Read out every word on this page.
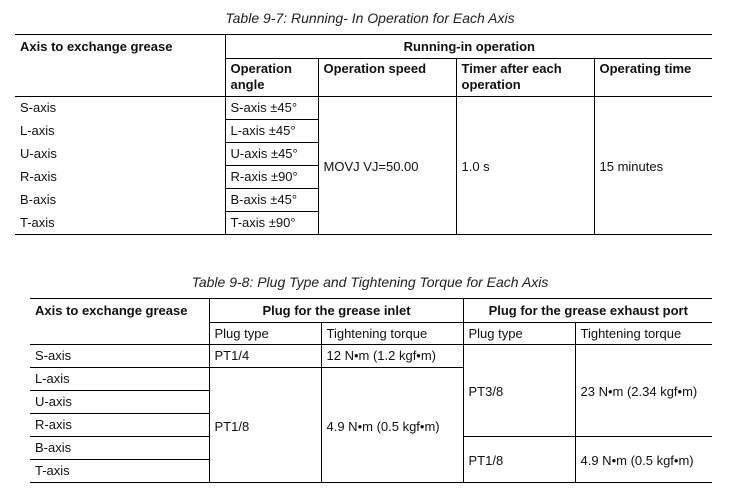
Table 9-7: Running- In Operation for Each Axis
Axis to exchange grease	Running-in operation			
	Operation angle	Operation speed	Timer after each operation	Operating time
S-axis	S-axis ±45°	MOVJ VJ=50.00	1.0 s	15 minutes
L-axis	L-axis ±45°			
U-axis	U-axis ±45°			
R-axis	R-axis ±90°			
B-axis	B-axis ±45°			
T-axis	T-axis ±90°			
Table 9-8: Plug Type and Tightening Torque for Each Axis
Axis to exchange grease	Plug for the grease inlet		Plug for the grease exhaust port	
	Plug type	Tightening torque	Plug type	Tightening torque
S-axis	PT1/4	12 N•m (1.2 kgf•m)	PT3/8	23 N•m (2.34 kgf•m)
L-axis	PT1/8	4.9 N•m (0.5 kgf•m)		
U-axis				
R-axis				
B-axis			PT1/8	4.9 N•m (0.5 kgf•m)
T-axis				
